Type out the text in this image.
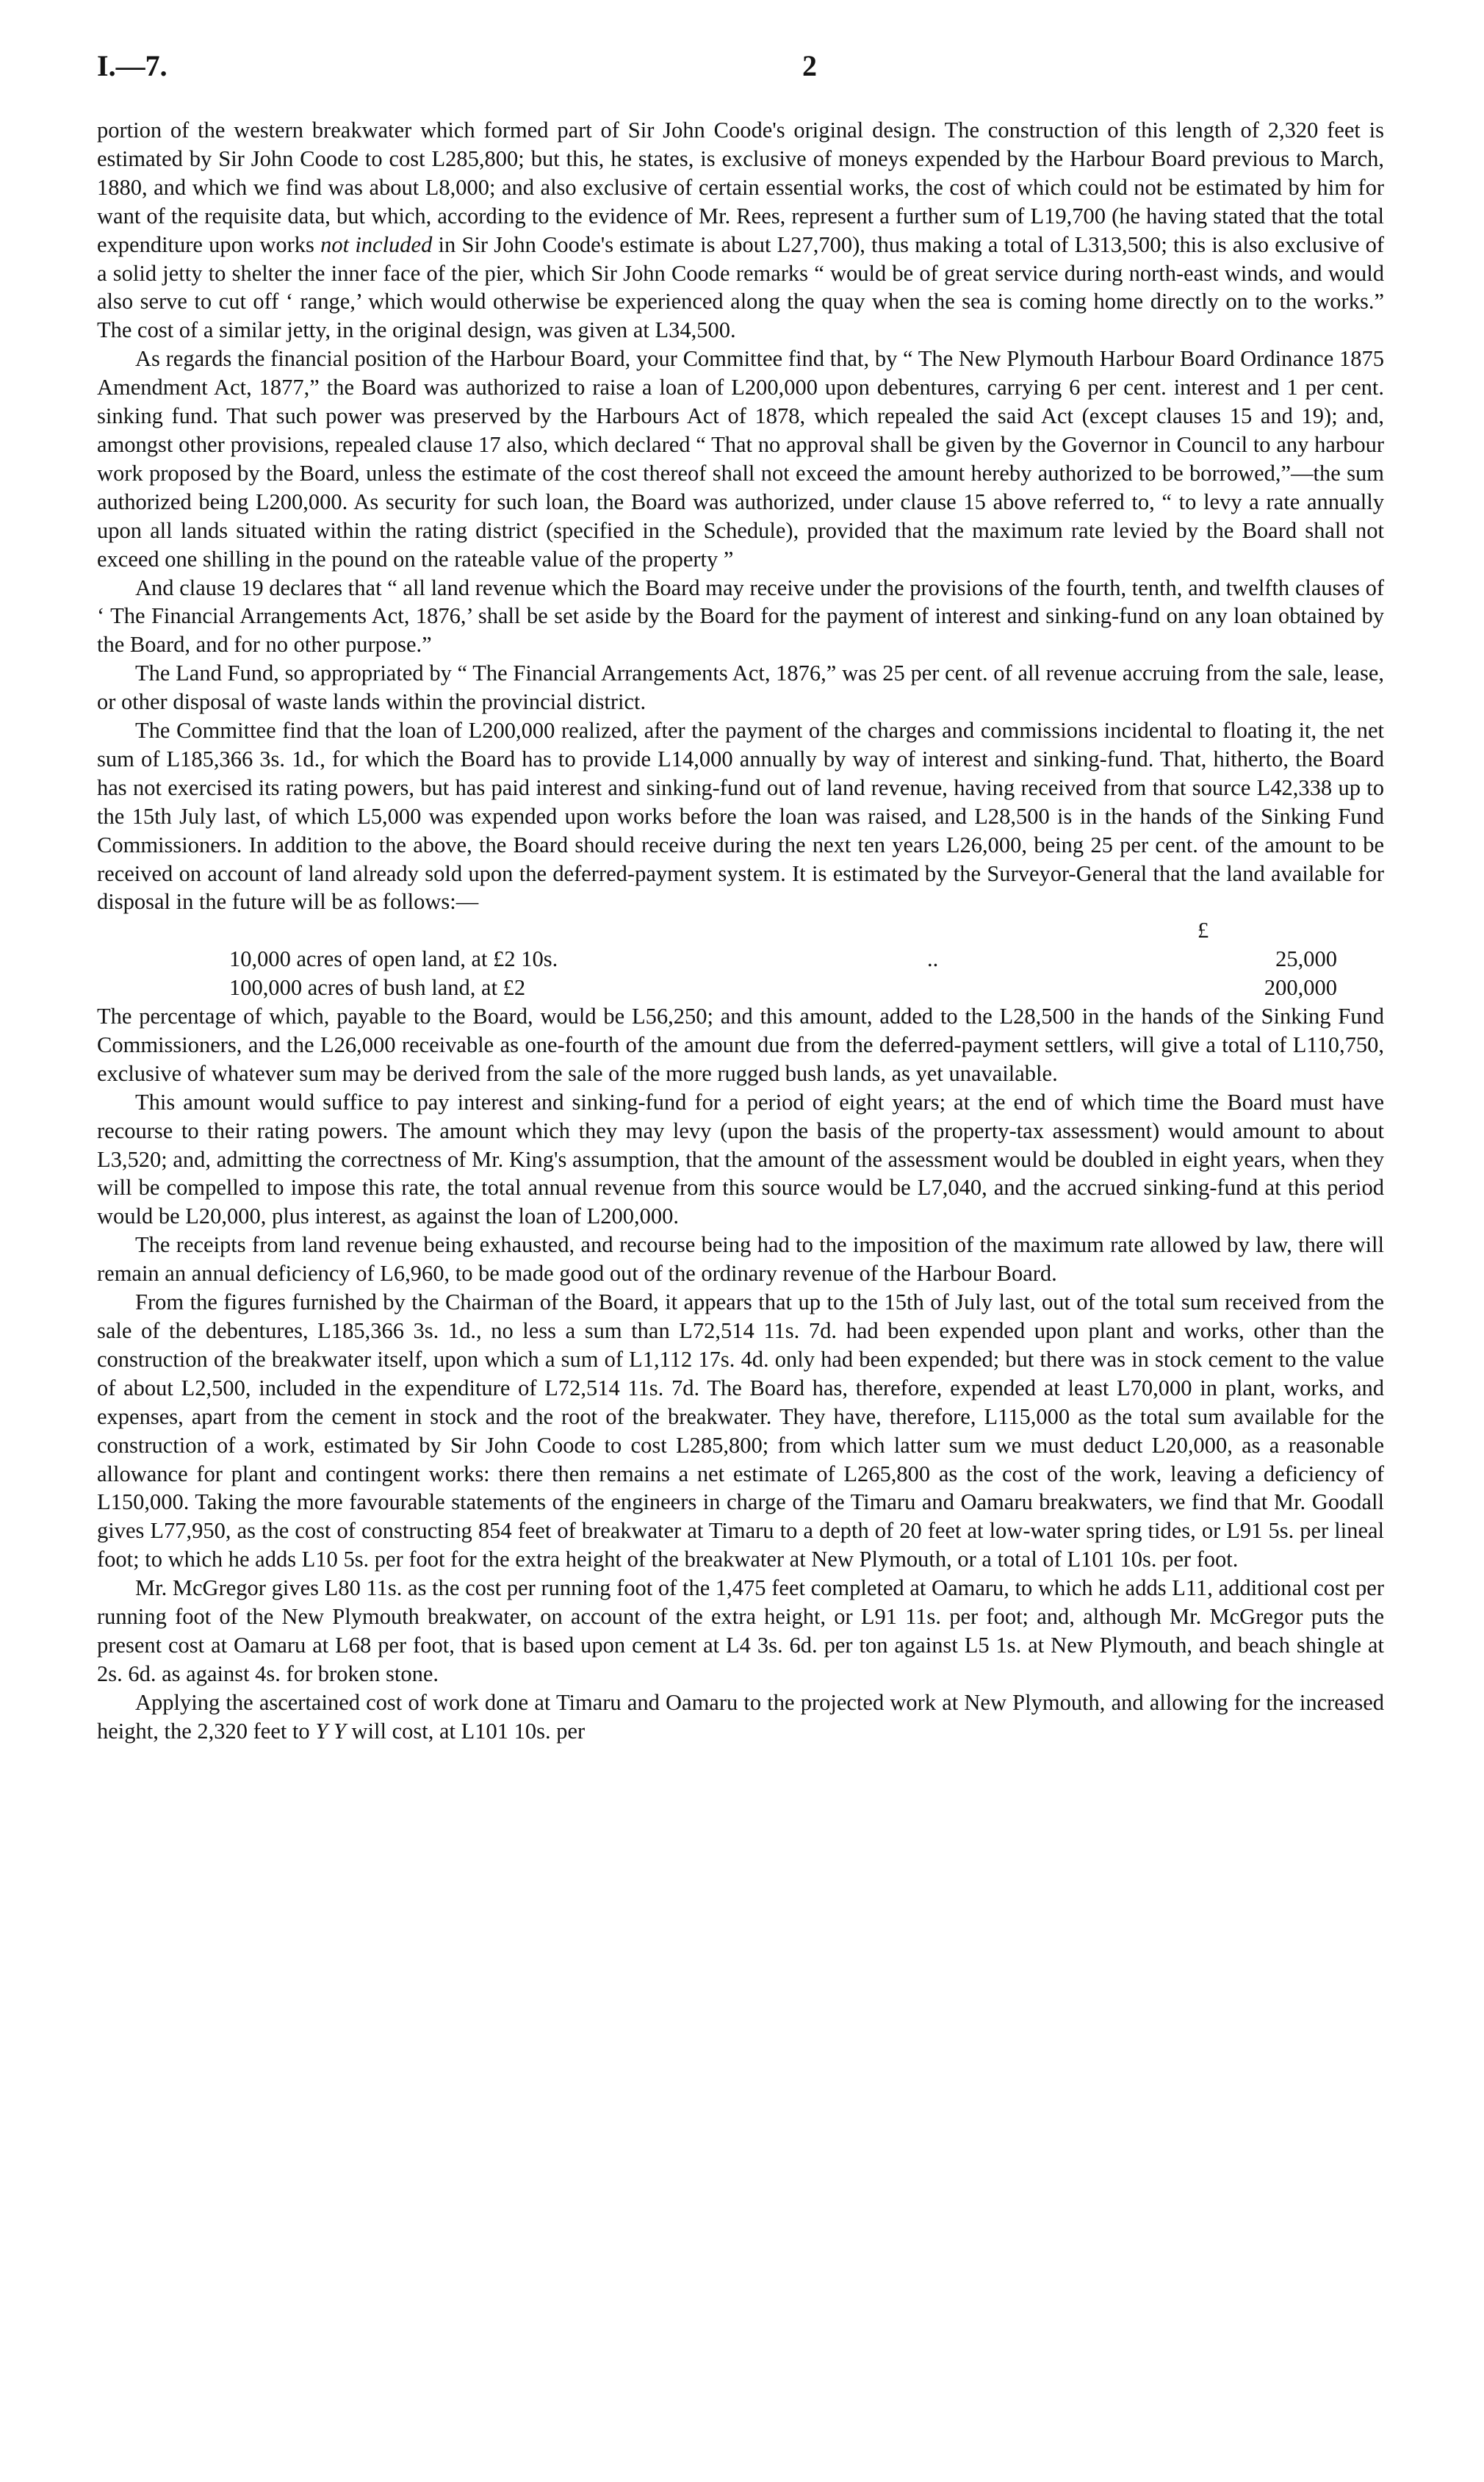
I.—7.	2

portion of the western breakwater which formed part of Sir John Coode's original design. The construction of this length of 2,320 feet is estimated by Sir John Coode to cost L285,800; but this, he states, is exclusive of moneys expended by the Harbour Board previous to March, 1880, and which we find was about L8,000; and also exclusive of certain essential works, the cost of which could not be estimated by him for want of the requisite data, but which, according to the evidence of Mr. Rees, represent a further sum of L19,700 (he having stated that the total expenditure upon works not included in Sir John Coode's estimate is about L27,700), thus making a total of L313,500; this is also exclusive of a solid jetty to shelter the inner face of the pier, which Sir John Coode remarks “ would be of great service during north-east winds, and would also serve to cut off ‘ range,’ which would otherwise be experienced along the quay when the sea is coming home directly on to the works.” The cost of a similar jetty, in the original design, was given at L34,500.

As regards the financial position of the Harbour Board, your Committee find that, by “ The New Plymouth Harbour Board Ordinance 1875 Amendment Act, 1877,” the Board was authorized to raise a loan of L200,000 upon debentures, carrying 6 per cent. interest and 1 per cent. sinking fund. That such power was preserved by the Harbours Act of 1878, which repealed the said Act (except clauses 15 and 19); and, amongst other provisions, repealed clause 17 also, which declared “ That no approval shall be given by the Governor in Council to any harbour work proposed by the Board, unless the estimate of the cost thereof shall not exceed the amount hereby authorized to be borrowed,”—the sum authorized being L200,000. As security for such loan, the Board was authorized, under clause 15 above referred to, “ to levy a rate annually upon all lands situated within the rating district (specified in the Schedule), provided that the maximum rate levied by the Board shall not exceed one shilling in the pound on the rateable value of the property ”

And clause 19 declares that “ all land revenue which the Board may receive under the provisions of the fourth, tenth, and twelfth clauses of ‘ The Financial Arrangements Act, 1876,’ shall be set aside by the Board for the payment of interest and sinking-fund on any loan obtained by the Board, and for no other purpose.”

The Land Fund, so appropriated by “ The Financial Arrangements Act, 1876,” was 25 per cent. of all revenue accruing from the sale, lease, or other disposal of waste lands within the provincial district.

The Committee find that the loan of L200,000 realized, after the payment of the charges and commissions incidental to floating it, the net sum of L185,366 3s. 1d., for which the Board has to provide L14,000 annually by way of interest and sinking-fund. That, hitherto, the Board has not exercised its rating powers, but has paid interest and sinking-fund out of land revenue, having received from that source L42,338 up to the 15th July last, of which L5,000 was expended upon works before the loan was raised, and L28,500 is in the hands of the Sinking Fund Commissioners. In addition to the above, the Board should receive during the next ten years L26,000, being 25 per cent. of the amount to be received on account of land already sold upon the deferred-payment system. It is estimated by the Surveyor-General that the land available for disposal in the future will be as follows:—

£
10,000 acres of open land, at £2 10s.	..	25,000
100,000 acres of bush land, at £2	200,000

The percentage of which, payable to the Board, would be L56,250; and this amount, added to the L28,500 in the hands of the Sinking Fund Commissioners, and the L26,000 receivable as one-fourth of the amount due from the deferred-payment settlers, will give a total of L110,750, exclusive of whatever sum may be derived from the sale of the more rugged bush lands, as yet unavailable.

This amount would suffice to pay interest and sinking-fund for a period of eight years; at the end of which time the Board must have recourse to their rating powers. The amount which they may levy (upon the basis of the property-tax assessment) would amount to about L3,520; and, admitting the correctness of Mr. King's assumption, that the amount of the assessment would be doubled in eight years, when they will be compelled to impose this rate, the total annual revenue from this source would be L7,040, and the accrued sinking-fund at this period would be L20,000, plus interest, as against the loan of L200,000.

The receipts from land revenue being exhausted, and recourse being had to the imposition of the maximum rate allowed by law, there will remain an annual deficiency of L6,960, to be made good out of the ordinary revenue of the Harbour Board.

From the figures furnished by the Chairman of the Board, it appears that up to the 15th of July last, out of the total sum received from the sale of the debentures, L185,366 3s. 1d., no less a sum than L72,514 11s. 7d. had been expended upon plant and works, other than the construction of the breakwater itself, upon which a sum of L1,112 17s. 4d. only had been expended; but there was in stock cement to the value of about L2,500, included in the expenditure of L72,514 11s. 7d. The Board has, therefore, expended at least L70,000 in plant, works, and expenses, apart from the cement in stock and the root of the breakwater. They have, therefore, L115,000 as the total sum available for the construction of a work, estimated by Sir John Coode to cost L285,800; from which latter sum we must deduct L20,000, as a reasonable allowance for plant and contingent works: there then remains a net estimate of L265,800 as the cost of the work, leaving a deficiency of L150,000. Taking the more favourable statements of the engineers in charge of the Timaru and Oamaru breakwaters, we find that Mr. Goodall gives L77,950, as the cost of constructing 854 feet of breakwater at Timaru to a depth of 20 feet at low-water spring tides, or L91 5s. per lineal foot; to which he adds L10 5s. per foot for the extra height of the breakwater at New Plymouth, or a total of L101 10s. per foot.

Mr. McGregor gives L80 11s. as the cost per running foot of the 1,475 feet completed at Oamaru, to which he adds L11, additional cost per running foot of the New Plymouth breakwater, on account of the extra height, or L91 11s. per foot; and, although Mr. McGregor puts the present cost at Oamaru at L68 per foot, that is based upon cement at L4 3s. 6d. per ton against L5 1s. at New Plymouth, and beach shingle at 2s. 6d. as against 4s. for broken stone.

Applying the ascertained cost of work done at Timaru and Oamaru to the projected work at New Plymouth, and allowing for the increased height, the 2,320 feet to Y Y will cost, at L101 10s. per
